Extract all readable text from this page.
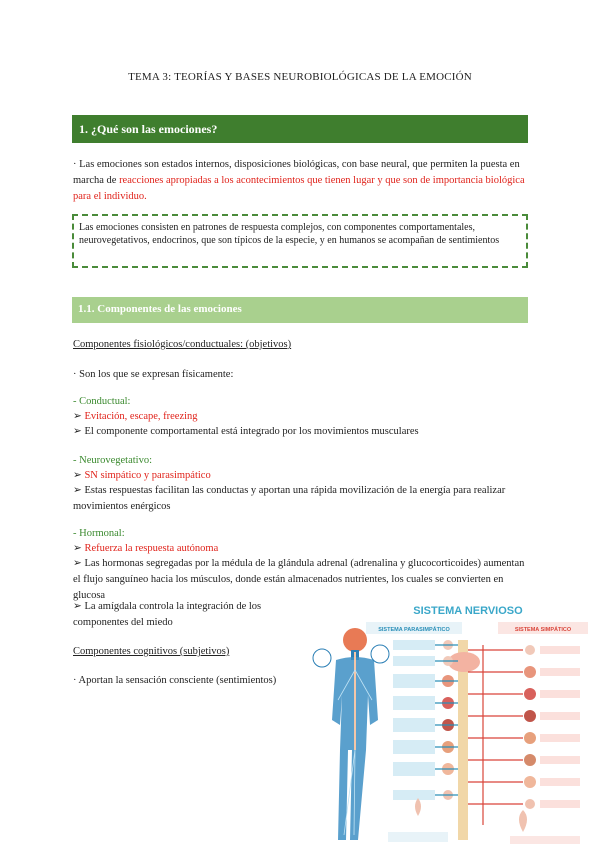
TEMA 3: TEORÍAS Y BASES NEUROBIOLÓGICAS DE LA EMOCIÓN
1. ¿Qué son las emociones?
· Las emociones son estados internos, disposiciones biológicas, con base neural, que permiten la puesta en marcha de reacciones apropiadas a los acontecimientos que tienen lugar y que son de importancia biológica para el individuo.
Las emociones consisten en patrones de respuesta complejos, con componentes comportamentales, neurovegetativos, endocrinos, que son típicos de la especie, y en humanos se acompañan de sentimientos
1.1. Componentes de las emociones
Componentes fisiológicos/conductuales: (objetivos)
· Son los que se expresan físicamente:
- Conductual:
➢ Evitación, escape, freezing
➢ El componente comportamental está integrado por los movimientos musculares
- Neurovegetativo:
➢ SN simpático y parasimpático
➢ Estas respuestas facilitan las conductas y aportan una rápida movilización de la energía para realizar movimientos enérgicos
- Hormonal:
➢ Refuerza la respuesta autónoma
➢ Las hormonas segregadas por la médula de la glándula adrenal (adrenalina y glucocorticoides) aumentan el flujo sanguíneo hacia los músculos, donde están almacenados nutrientes, los cuales se convierten en glucosa
➢ La amígdala controla la integración de los
componentes del miedo
Componentes cognitivos (subjetivos)
· Aportan la sensación consciente (sentimientos)
SISTEMA NERVIOSO
SISTEMA PARASIMPÁTICO	SISTEMA SIMPÁTICO
